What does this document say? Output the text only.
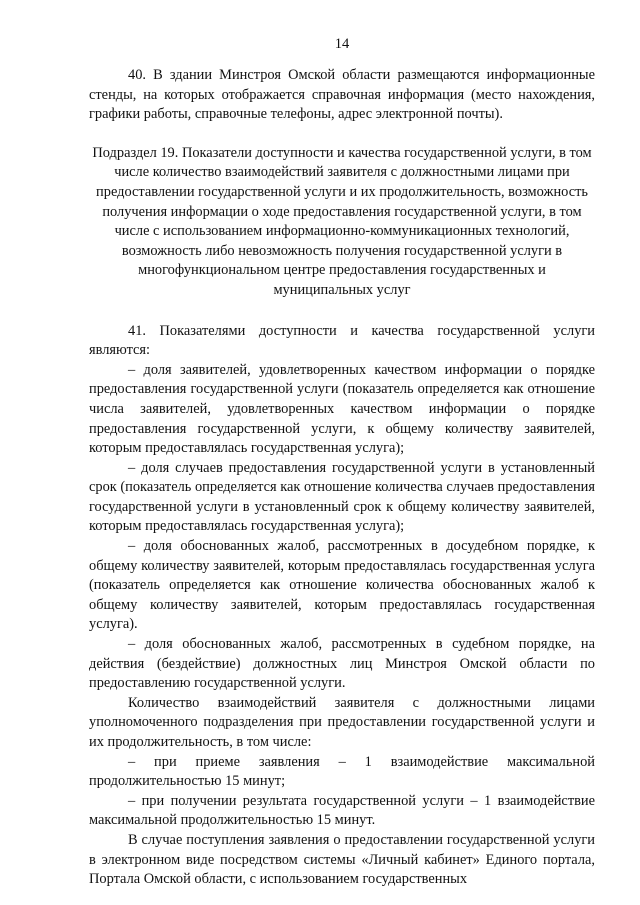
14

40. В здании Минстроя Омской области размещаются информационные стенды, на которых отображается справочная информация (место нахождения, графики работы, справочные телефоны, адрес электронной почты).

Подраздел 19. Показатели доступности и качества государственной услуги, в том числе количество взаимодействий заявителя с должностными лицами при предоставлении государственной услуги и их продолжительность, возможность получения информации о ходе предоставления государственной услуги, в том числе с использованием информационно-коммуникационных технологий, возможность либо невозможность получения государственной услуги в многофункциональном центре предоставления государственных и муниципальных услуг

41. Показателями доступности и качества государственной услуги являются:

– доля заявителей, удовлетворенных качеством информации о порядке предоставления государственной услуги (показатель определяется как отношение числа заявителей, удовлетворенных качеством информации о порядке предоставления государственной услуги, к общему количеству заявителей, которым предоставлялась государственная услуга);

– доля случаев предоставления государственной услуги в установленный срок (показатель определяется как отношение количества случаев предоставления государственной услуги в установленный срок к общему количеству заявителей, которым предоставлялась государственная услуга);

– доля обоснованных жалоб, рассмотренных в досудебном порядке, к общему количеству заявителей, которым предоставлялась государственная услуга (показатель определяется как отношение количества обоснованных жалоб к общему количеству заявителей, которым предоставлялась государственная услуга).

– доля обоснованных жалоб, рассмотренных в судебном порядке, на действия (бездействие) должностных лиц Минстроя Омской области по предоставлению государственной услуги.

Количество взаимодействий заявителя с должностными лицами уполномоченного подразделения при предоставлении государственной услуги и их продолжительность, в том числе:

– при приеме заявления – 1 взаимодействие максимальной продолжительностью 15 минут;

– при получении результата государственной услуги – 1 взаимодействие максимальной продолжительностью 15 минут.

В случае поступления заявления о предоставлении государственной услуги в электронном виде посредством системы «Личный кабинет» Единого портала, Портала Омской области, с использованием государственных
